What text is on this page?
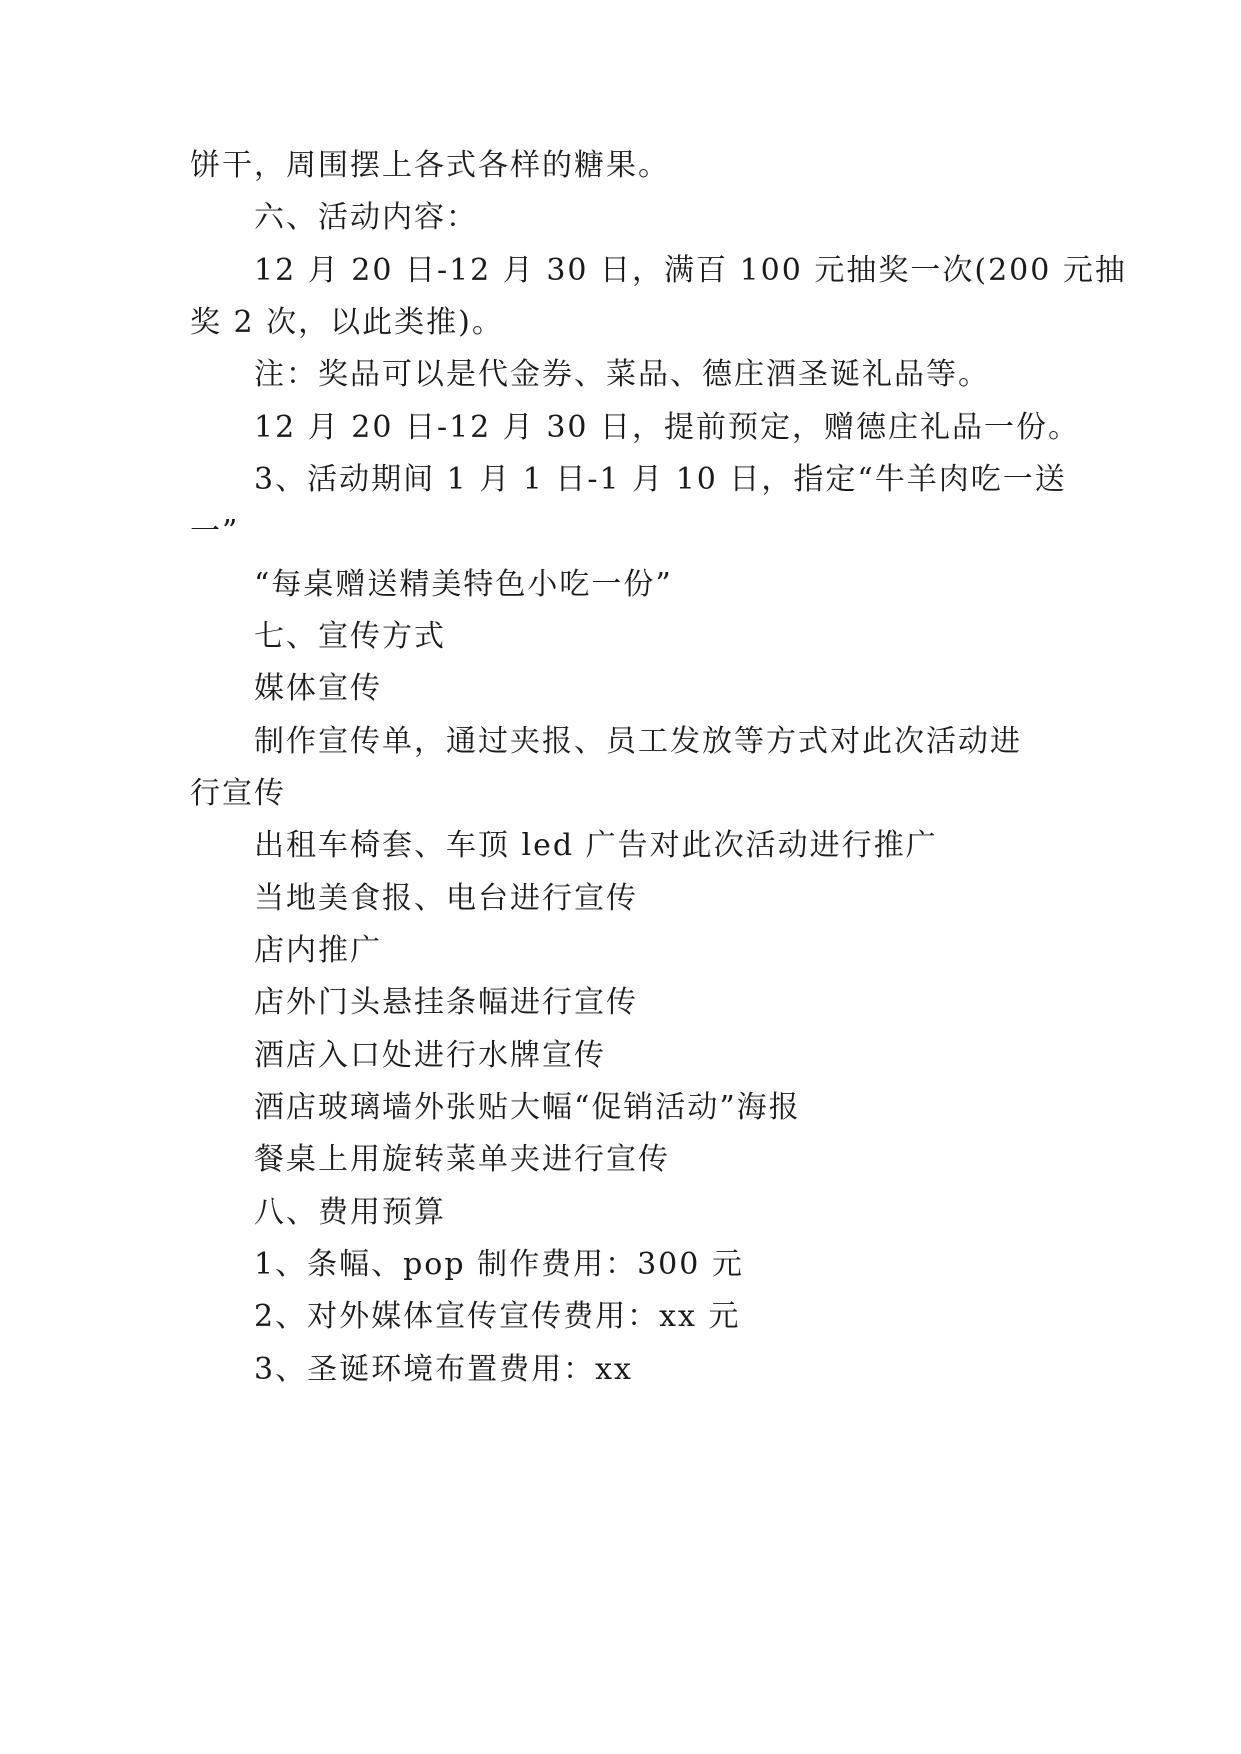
饼干，周围摆上各式各样的糖果。
六、活动内容：
12 月 20 日-12 月 30 日，满百 100 元抽奖一次(200 元抽
奖 2 次，以此类推)。
注：奖品可以是代金券、菜品、德庄酒圣诞礼品等。
12 月 20 日-12 月 30 日，提前预定，赠德庄礼品一份。
3、活动期间 1 月 1 日-1 月 10 日，指定“牛羊肉吃一送
一”
“每桌赠送精美特色小吃一份”
七、宣传方式
媒体宣传
制作宣传单，通过夹报、员工发放等方式对此次活动进
行宣传
出租车椅套、车顶 led 广告对此次活动进行推广
当地美食报、电台进行宣传
店内推广
店外门头悬挂条幅进行宣传
酒店入口处进行水牌宣传
酒店玻璃墙外张贴大幅“促销活动”海报
餐桌上用旋转菜单夹进行宣传
八、费用预算
1、条幅、pop 制作费用：300 元
2、对外媒体宣传宣传费用：xx 元
3、圣诞环境布置费用：xx
